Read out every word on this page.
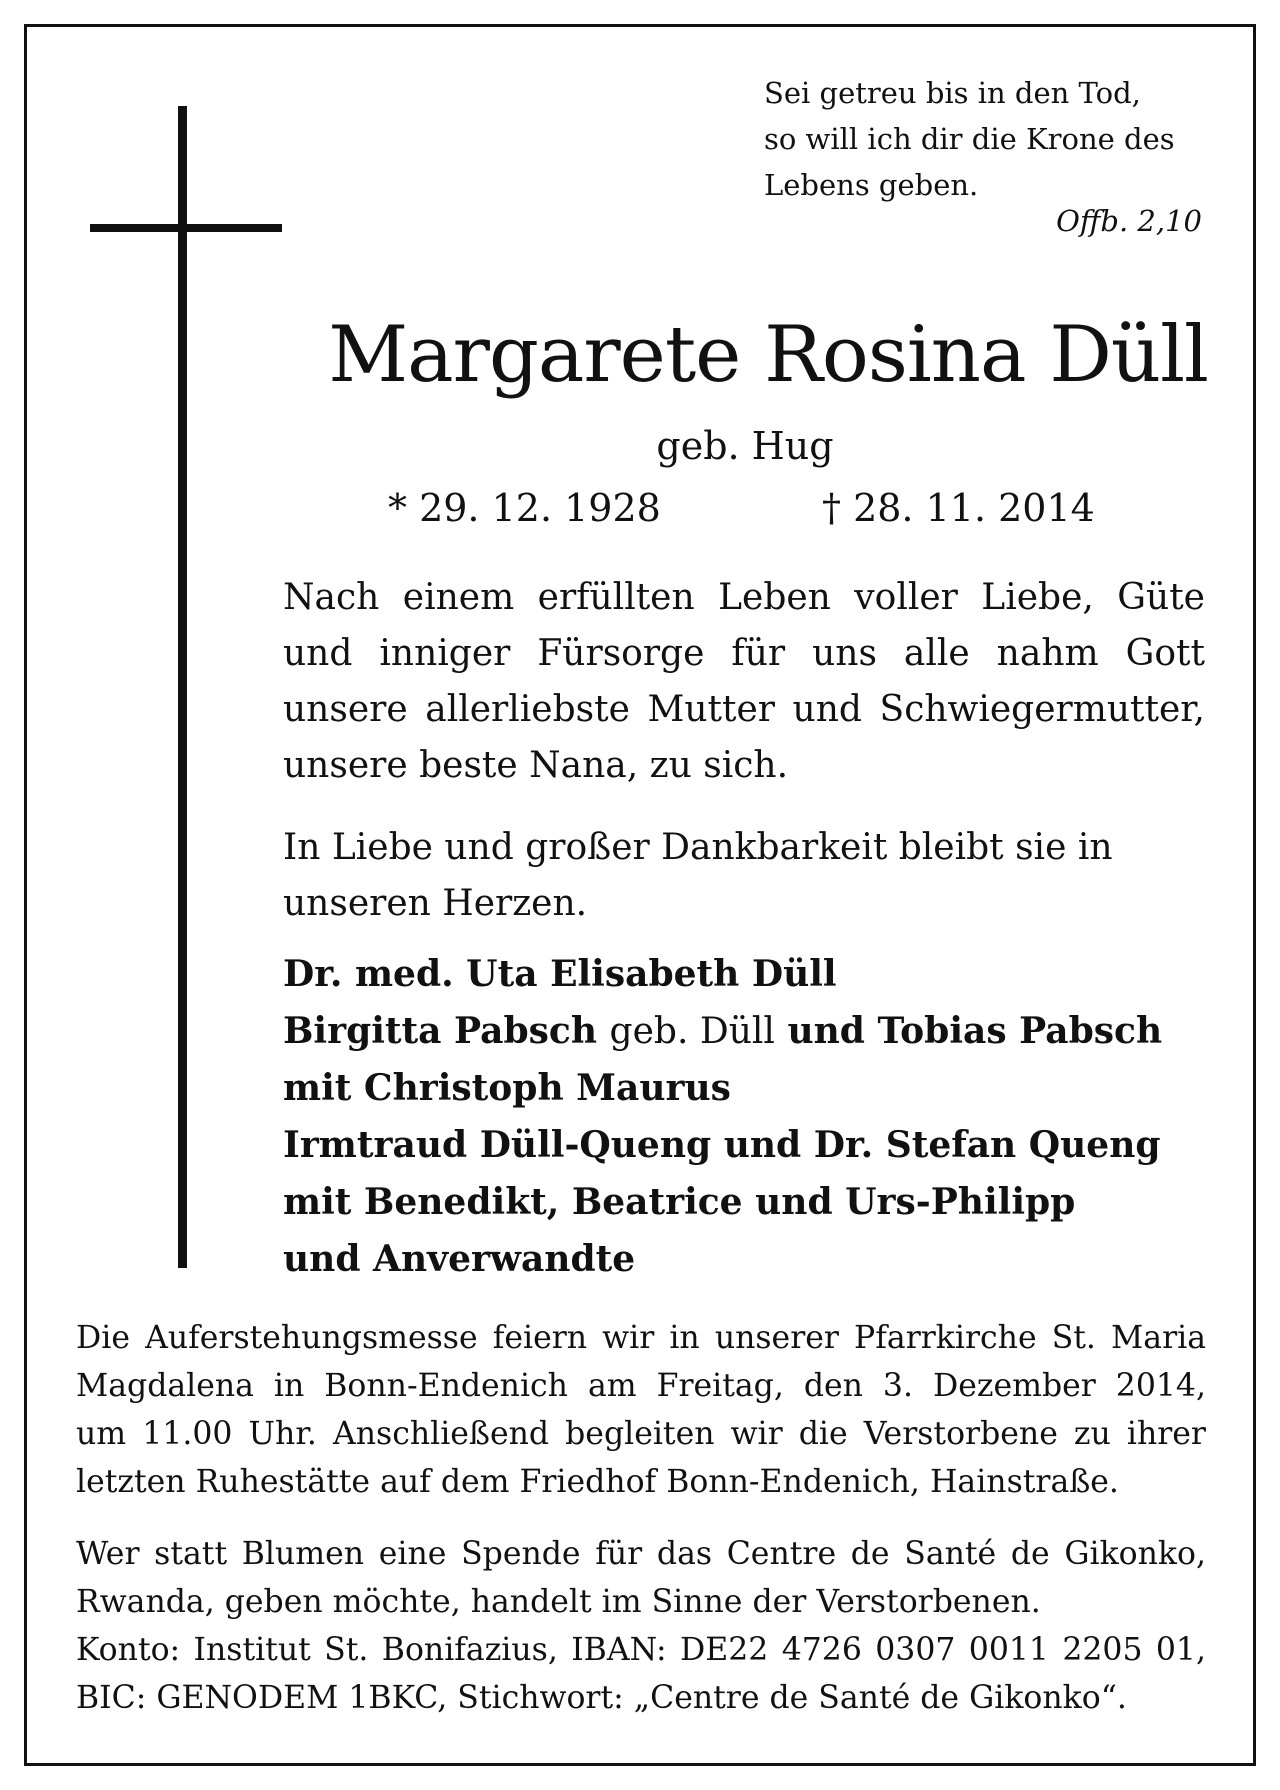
Sei getreu bis in den Tod,
so will ich dir die Krone des
Lebens geben.
Offb. 2,10
Margarete Rosina Düll
geb. Hug
* 29. 12. 1928	† 28. 11. 2014
Nach einem erfüllten Leben voller Liebe, Güte
und inniger Fürsorge für uns alle nahm Gott
unsere allerliebste Mutter und Schwiegermutter,
unsere beste Nana, zu sich.
In Liebe und großer Dankbarkeit bleibt sie in
unseren Herzen.
Dr. med. Uta Elisabeth Düll
Birgitta Pabsch geb. Düll und Tobias Pabsch
mit Christoph Maurus
Irmtraud Düll-Queng und Dr. Stefan Queng
mit Benedikt, Beatrice und Urs-Philipp
und Anverwandte
Die Auferstehungsmesse feiern wir in unserer Pfarrkirche St. Maria
Magdalena in Bonn-Endenich am Freitag, den 3. Dezember 2014,
um 11.00 Uhr. Anschließend begleiten wir die Verstorbene zu ihrer
letzten Ruhestätte auf dem Friedhof Bonn-Endenich, Hainstraße.
Wer statt Blumen eine Spende für das Centre de Santé de Gikonko,
Rwanda, geben möchte, handelt im Sinne der Verstorbenen.
Konto: Institut St. Bonifazius, IBAN: DE22 4726 0307 0011 2205 01,
BIC: GENODEM 1BKC, Stichwort: „Centre de Santé de Gikonko“.
